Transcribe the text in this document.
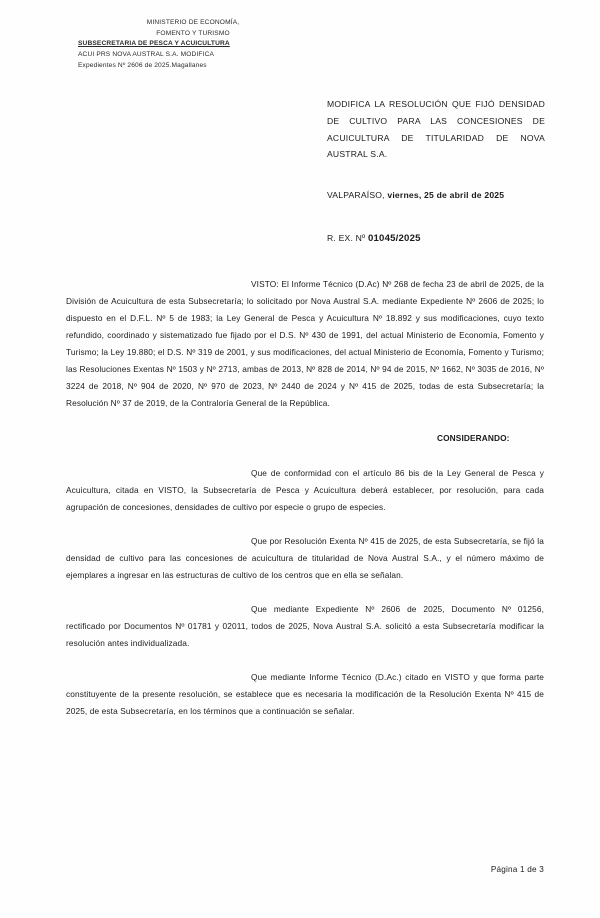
MINISTERIO DE ECONOMÍA,
FOMENTO Y TURISMO
SUBSECRETARIA DE PESCA Y ACUICULTURA
ACUI PRS NOVA AUSTRAL S.A. MODIFICA
Expedientes Nº 2606 de 2025.Magallanes
MODIFICA LA RESOLUCIÓN QUE FIJÓ DENSIDAD DE CULTIVO PARA LAS CONCESIONES DE ACUICULTURA DE TITULARIDAD DE NOVA AUSTRAL S.A.
VALPARAÍSO, viernes, 25 de abril de 2025
R. EX. Nº 01045/2025

VISTO: El Informe Técnico (D.Ac) Nº 268 de fecha 23 de abril de 2025, de la División de Acuicultura de esta Subsecretaría; lo solicitado por Nova Austral S.A. mediante Expediente Nº 2606 de 2025; lo dispuesto en el D.F.L. Nº 5 de 1983; la Ley General de Pesca y Acuicultura Nº 18.892 y sus modificaciones, cuyo texto refundido, coordinado y sistematizado fue fijado por el D.S. Nº 430 de 1991, del actual Ministerio de Economía, Fomento y Turismo; la Ley 19.880; el D.S. Nº 319 de 2001, y sus modificaciones, del actual Ministerio de Economía, Fomento y Turismo; las Resoluciones Exentas Nº 1503 y Nº 2713, ambas de 2013, Nº 828 de 2014, Nº 94 de 2015, Nº 1662, Nº 3035 de 2016, Nº 3224 de 2018, Nº 904 de 2020, Nº 970 de 2023, Nº 2440 de 2024 y Nº 415 de 2025, todas de esta Subsecretaría; la Resolución Nº 37 de 2019, de la Contraloría General de la República.

CONSIDERANDO:

Que de conformidad con el artículo 86 bis de la Ley General de Pesca y Acuicultura, citada en VISTO, la Subsecretaría de Pesca y Acuicultura deberá establecer, por resolución, para cada agrupación de concesiones, densidades de cultivo por especie o grupo de especies.

Que por Resolución Exenta Nº 415 de 2025, de esta Subsecretaría, se fijó la densidad de cultivo para las concesiones de acuicultura de titularidad de Nova Austral S.A., y el número máximo de ejemplares a ingresar en las estructuras de cultivo de los centros que en ella se señalan.

Que mediante Expediente Nº 2606 de 2025, Documento Nº 01256, rectificado por Documentos Nº 01781 y 02011, todos de 2025, Nova Austral S.A. solicitó a esta Subsecretaría modificar la resolución antes individualizada.

Que mediante Informe Técnico (D.Ac.) citado en VISTO y que forma parte constituyente de la presente resolución, se establece que es necesaria la modificación de la Resolución Exenta Nº 415 de 2025, de esta Subsecretaría, en los términos que a continuación se señalar.

Página 1 de 3
